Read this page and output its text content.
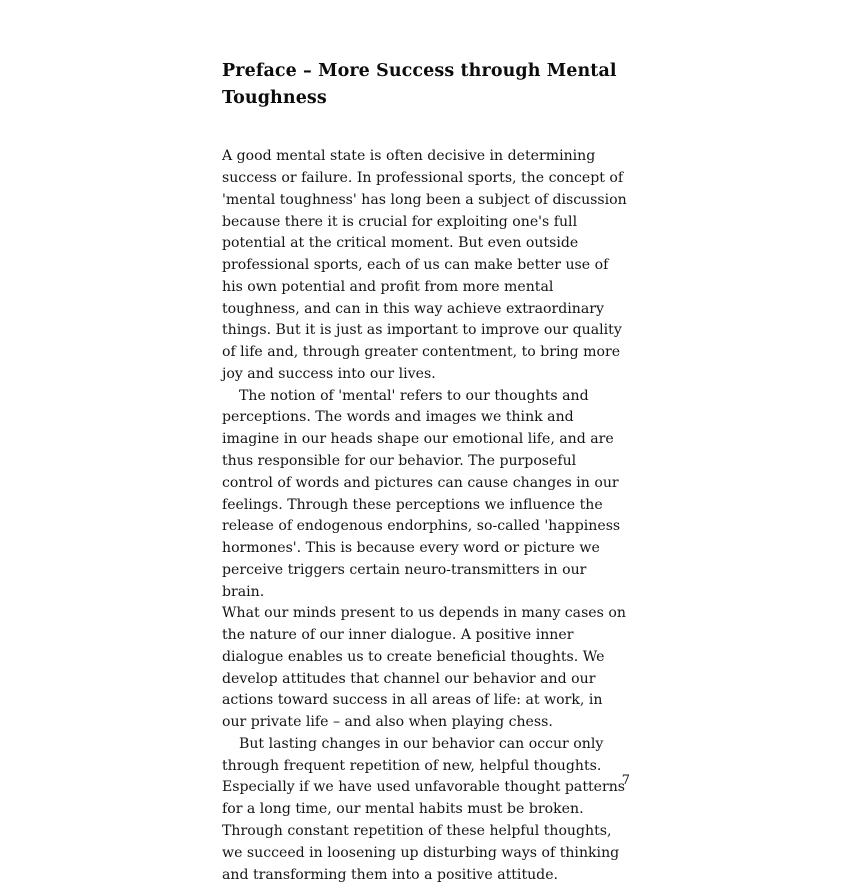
Preface – More Success through Mental Toughness

A good mental state is often decisive in determining success or failure. In professional sports, the concept of 'mental toughness' has long been a subject of discussion because there it is crucial for exploiting one's full potential at the critical moment. But even outside professional sports, each of us can make better use of his own potential and profit from more mental toughness, and can in this way achieve extraordinary things. But it is just as important to improve our quality of life and, through greater contentment, to bring more joy and success into our lives.

The notion of 'mental' refers to our thoughts and perceptions. The words and images we think and imagine in our heads shape our emotional life, and are thus responsible for our behavior. The purposeful control of words and pictures can cause changes in our feelings. Through these perceptions we influence the release of endogenous endorphins, so-called 'happiness hormones'. This is because every word or picture we perceive triggers certain neuro-transmitters in our brain.

What our minds present to us depends in many cases on the nature of our inner dialogue. A positive inner dialogue enables us to create beneficial thoughts. We develop attitudes that channel our behavior and our actions toward success in all areas of life: at work, in our private life – and also when playing chess.

But lasting changes in our behavior can occur only through frequent repetition of new, helpful thoughts. Especially if we have used unfavorable thought patterns for a long time, our mental habits must be broken. Through constant repetition of these helpful thoughts, we succeed in loosening up disturbing ways of thinking and transforming them into a positive attitude.

7
